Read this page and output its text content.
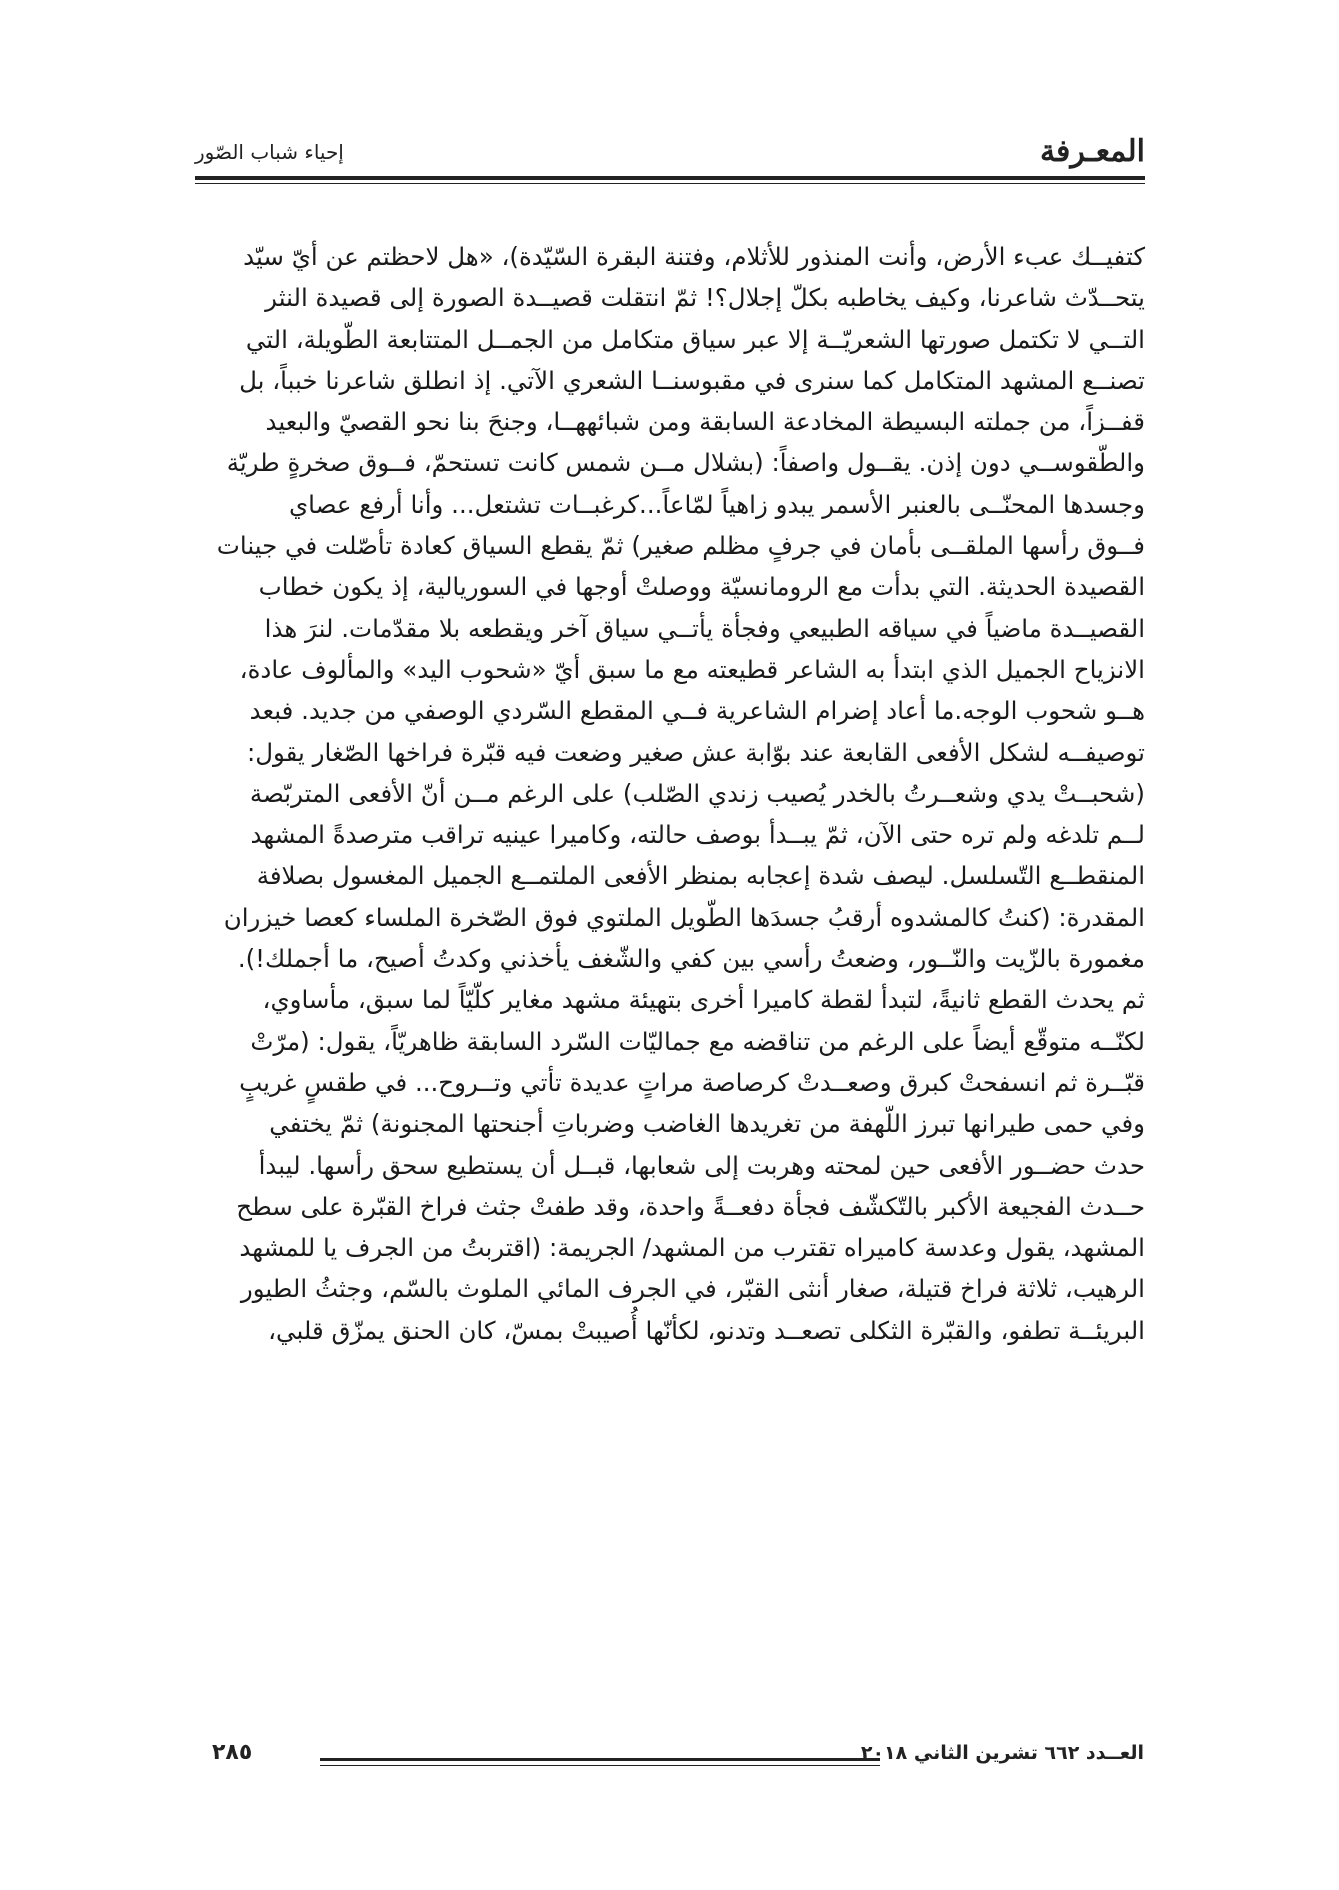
المعـرفة
إحياء شباب الصّور
كتفيــك عبء الأرض، وأنت المنذور للأثلام، وفتنة البقرة السّيّدة)، «هل لاحظتم عن أيّ سيّد
يتحــدّث شاعرنا، وكيف يخاطبه بكلّ إجلال؟! ثمّ انتقلت قصيــدة الصورة إلى قصيدة النثر
التــي لا تكتمل صورتها الشعريّــة إلا عبر سياق متكامل من الجمــل المتتابعة الطّويلة، التي
تصنــع المشهد المتكامل كما سنرى في مقبوسنــا الشعري الآتي. إذ انطلق شاعرنا خبباً، بل
قفــزاً، من جملته البسيطة المخادعة السابقة ومن شبائههــا، وجنحَ بنا نحو القصيّ والبعيد
والطّقوســي دون إذن. يقــول واصفاً: (بشلال مــن شمس كانت تستحمّ، فــوق صخرةٍ طريّة
وجسدها المحنّــى بالعنبر الأسمر يبدو زاهياً لمّاعاً...كرغبــات تشتعل... وأنا أرفع عصاي
فــوق رأسها الملقــى بأمان في جرفٍ مظلم صغير) ثمّ يقطع السياق كعادة تأصّلت في جينات
القصيدة الحديثة. التي بدأت مع الرومانسيّة ووصلتْ أوجها في السوريالية، إذ يكون خطاب
القصيــدة ماضياً في سياقه الطبيعي وفجأة يأتــي سياق آخر ويقطعه بلا مقدّمات. لنرَ هذا
الانزياح الجميل الذي ابتدأ به الشاعر قطيعته مع ما سبق أيّ «شحوب اليد» والمألوف عادة،
هــو شحوب الوجه.ما أعاد إضرام الشاعرية فــي المقطع السّردي الوصفي من جديد. فبعد
توصيفــه لشكل الأفعى القابعة عند بوّابة عش صغير وضعت فيه قبّرة فراخها الصّغار يقول:
(شحبــتْ يدي وشعــرتُ بالخدر يُصيب زندي الصّلب) على الرغم مــن أنّ الأفعى المتربّصة
لــم تلدغه ولم تره حتى الآن، ثمّ يبــدأ بوصف حالته، وكاميرا عينيه تراقب مترصدةً المشهد
المنقطــع التّسلسل. ليصف شدة إعجابه بمنظر الأفعى الملتمــع الجميل المغسول بصلافة
المقدرة: (كنتُ كالمشدوه أرقبُ جسدَها الطّويل الملتوي فوق الصّخرة الملساء كعصا خيزران
مغمورة بالزّيت والنّــور، وضعتُ رأسي بين كفي والشّغف يأخذني وكدتُ أصيح، ما أجملك!).
ثم يحدث القطع ثانيةً، لتبدأ لقطة كاميرا أخرى بتهيئة مشهد مغاير كلّيّاً لما سبق، مأساوي،
لكنّــه متوقّع أيضاً على الرغم من تناقضه مع جماليّات السّرد السابقة ظاهريّاً، يقول: (مرّتْ
قبّــرة ثم انسفحتْ كبرق وصعــدتْ كرصاصة مراتٍ عديدة تأتي وتــروح... في طقسٍ غريبٍ
وفي حمى طيرانها تبرز اللّهفة من تغريدها الغاضب وضرباتِ أجنحتها المجنونة) ثمّ يختفي
حدث حضــور الأفعى حين لمحته وهربت إلى شعابها، قبــل أن يستطيع سحق رأسها. ليبدأ
حــدث الفجيعة الأكبر بالتّكشّف فجأة دفعــةً واحدة، وقد طفتْ جثث فراخ القبّرة على سطح
المشهد، يقول وعدسة كاميراه تقترب من المشهد/ الجريمة: (اقتربتُ من الجرف يا للمشهد
الرهيب، ثلاثة فراخ قتيلة، صغار أنثى القبّر، في الجرف المائي الملوث بالسّم، وجثثُ الطيور
البريئــة تطفو، والقبّرة الثكلى تصعــد وتدنو، لكأنّها أُصيبتْ بمسّ، كان الحنق يمزّق قلبي،
العــدد ٦٦٢ تشرين الثاني ٢٠١٨
٢٨٥
